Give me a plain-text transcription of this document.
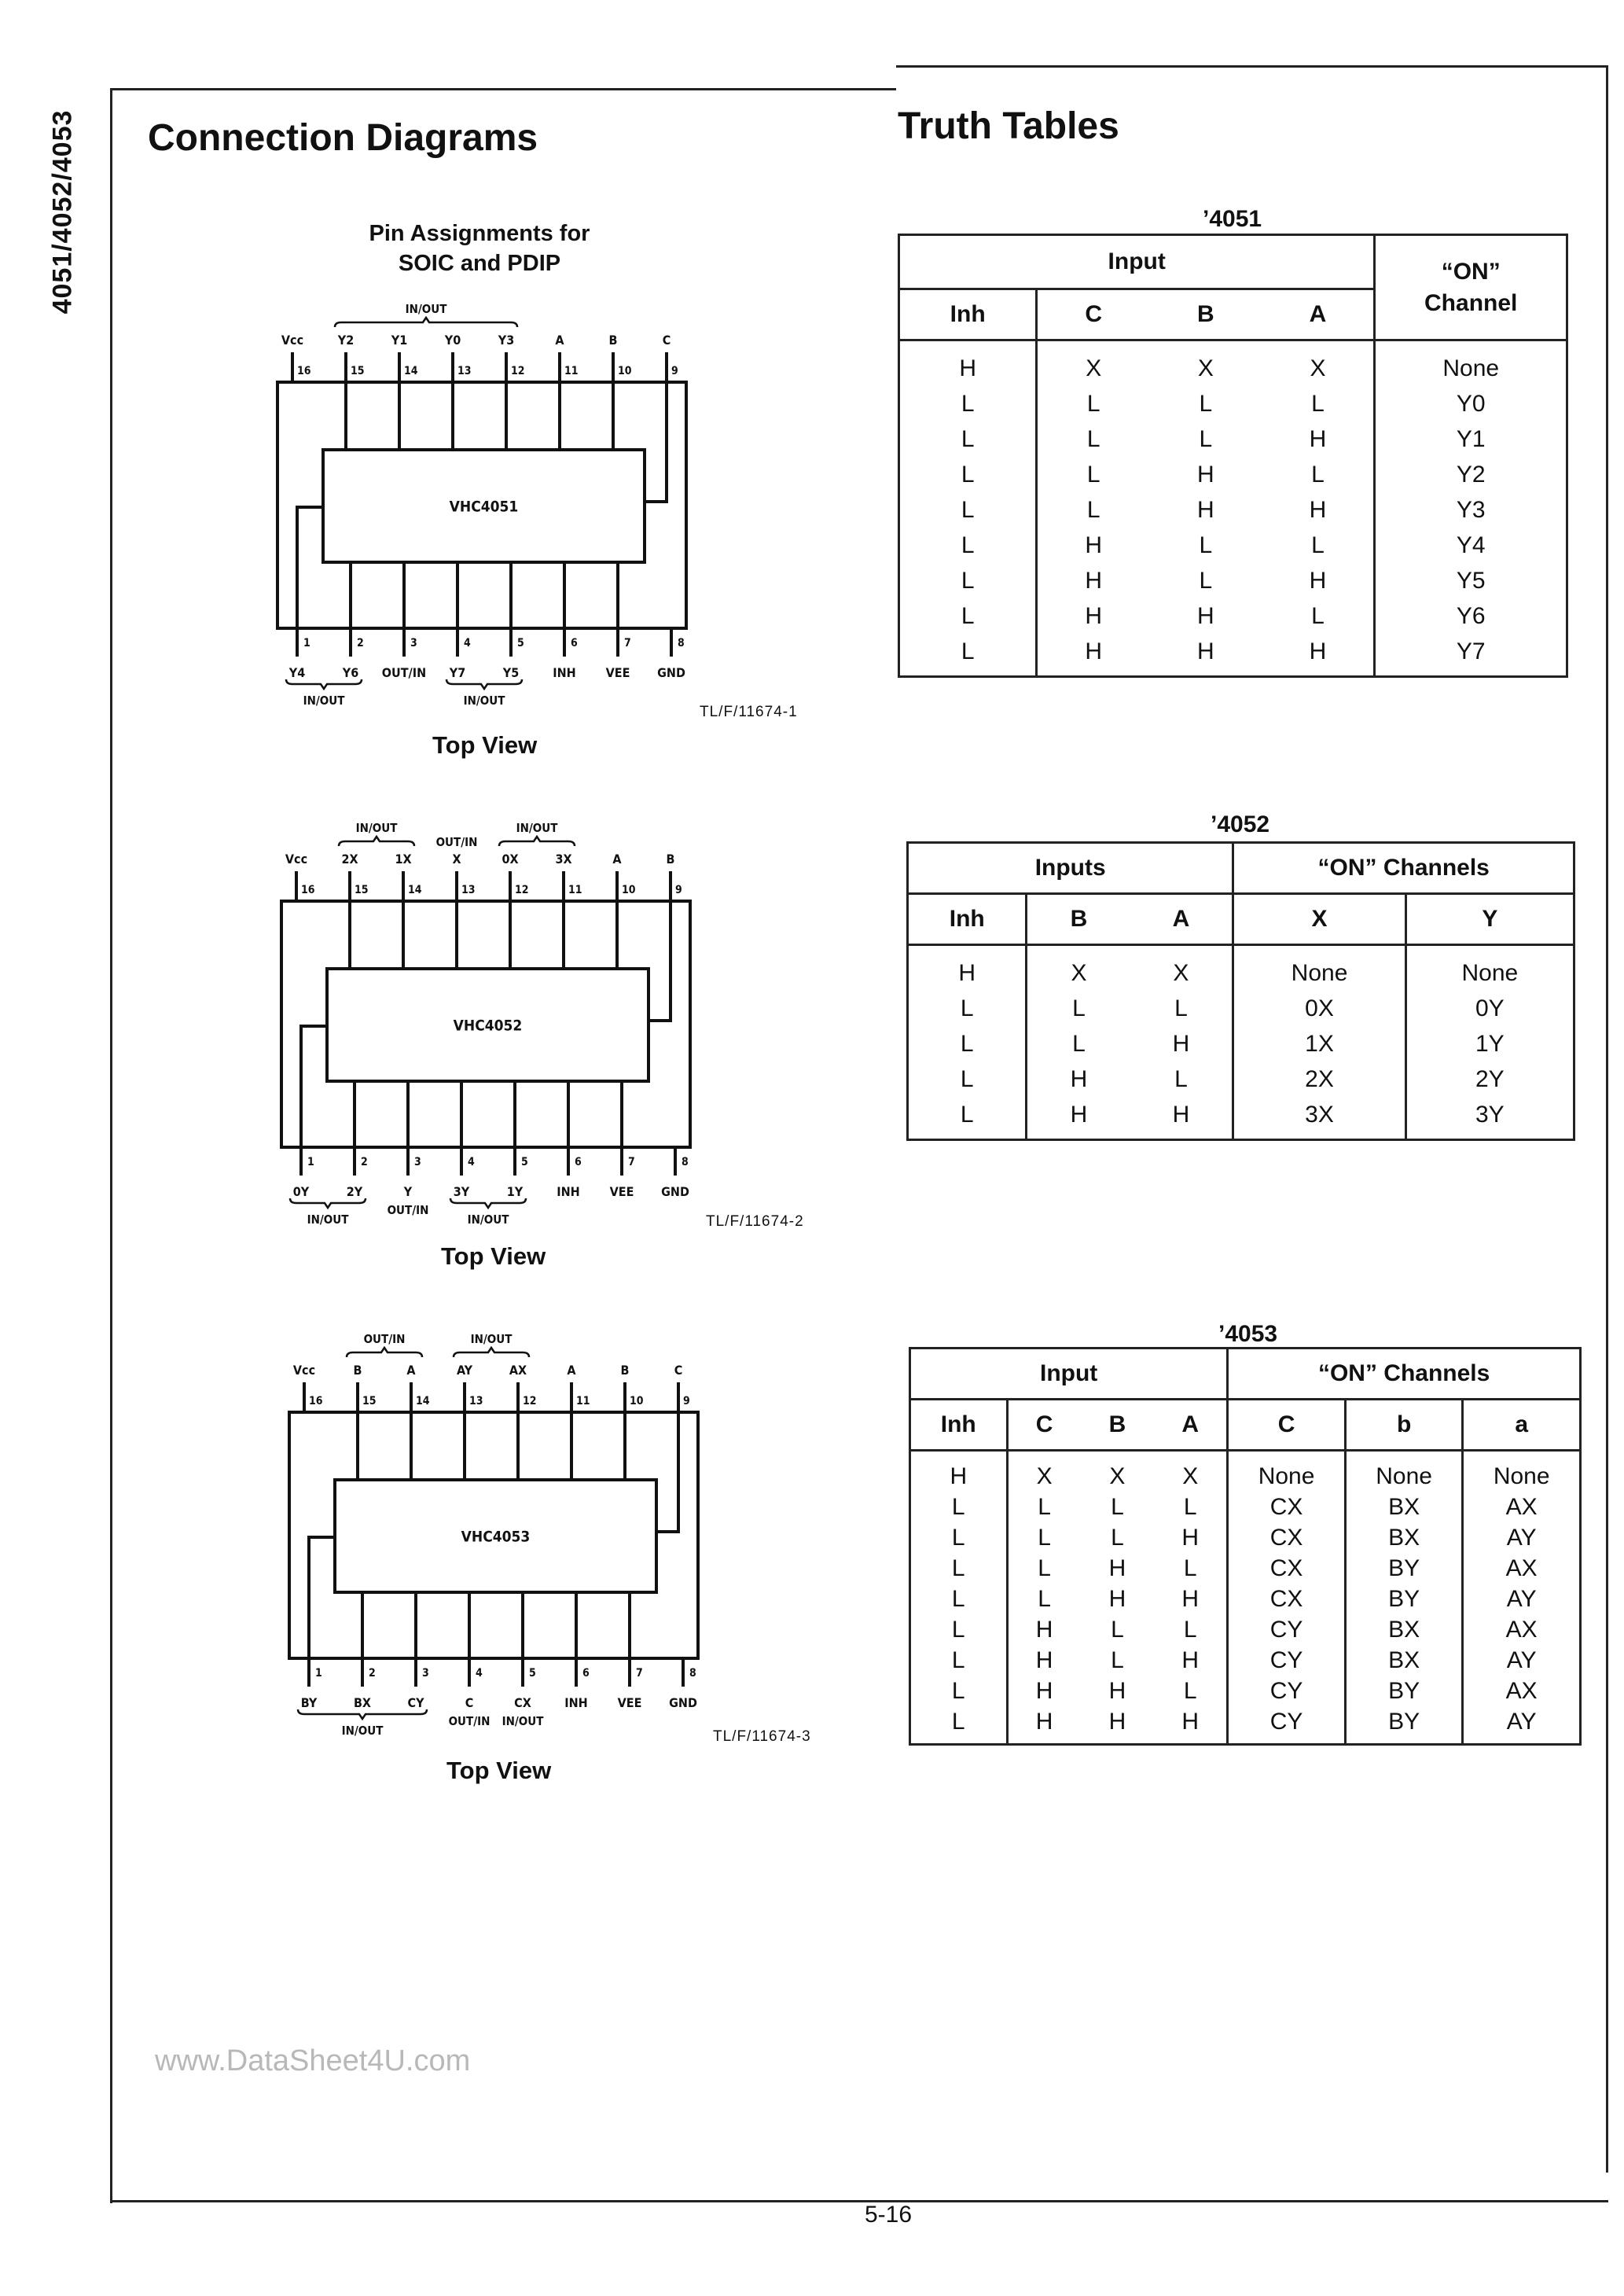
4051/4052/4053 Connection Diagrams
Pin Assignments for
SOIC and PDIP
VHC4051
16
Vcc
15
Y2
14
Y1
13
Y0
12
Y3
11
A
10
B
9
C
1
Y4
2
Y6
3
OUT/IN
4
Y7
5
Y5
6
INH
7
VEE
8
GND
IN/OUT
IN/OUT	IN/OUT
TL/F/11674-1
Top View
VHC4052
16
Vcc
15
2X
14
1X
13
X
12
0X
11
3X
10
A
9
B
1
0Y
2
2Y
3
Y
4
3Y
5
1Y
6
INH
7
VEE
8
GND
IN/OUT
OUT/IN
IN/OUT
IN/OUT
OUT/IN
IN/OUT	TL/F/11674-2
Top View
VHC4053
16
Vcc
15
B
14
A
13
AY
12
AX
11
A
10
B
9
C
1
BY
2
BX
3
CY
4
C
5
CX
6
INH
7
VEE
8
GND
OUT/IN	IN/OUT
IN/OUT
OUT/IN IN/OUT
TL/F/11674-3
Top View
Truth Tables
’4051
Input				“ON” Channel
Inh	C	B	A	
H	X	X	X	None
L	L	L	L	Y0
L	L	L	H	Y1
L	L	H	L	Y2
L	L	H	H	Y3
L	H	L	L	Y4
L	H	L	H	Y5
L	H	H	L	Y6
L	H	H	H	Y7
’4052
Inputs			“ON” Channels	
Inh	B	A	X	Y
H	X	X	None	None
L	L	L	0X	0Y
L	L	H	1X	1Y
L	H	L	2X	2Y
L	H	H	3X	3Y
’4053
Input				“ON” Channels		
Inh	C	B	A	C	b	a
H	X	X	X	None	None	None
L	L	L	L	CX	BX	AX
L	L	L	H	CX	BX	AY
L	L	H	L	CX	BY	AX
L	L	H	H	CX	BY	AY
L	H	L	L	CY	BX	AX
L	H	L	H	CY	BX	AY
L	H	H	L	CY	BY	AX
L	H	H	H	CY	BY	AY
www.DataSheet4U.com
5-16
